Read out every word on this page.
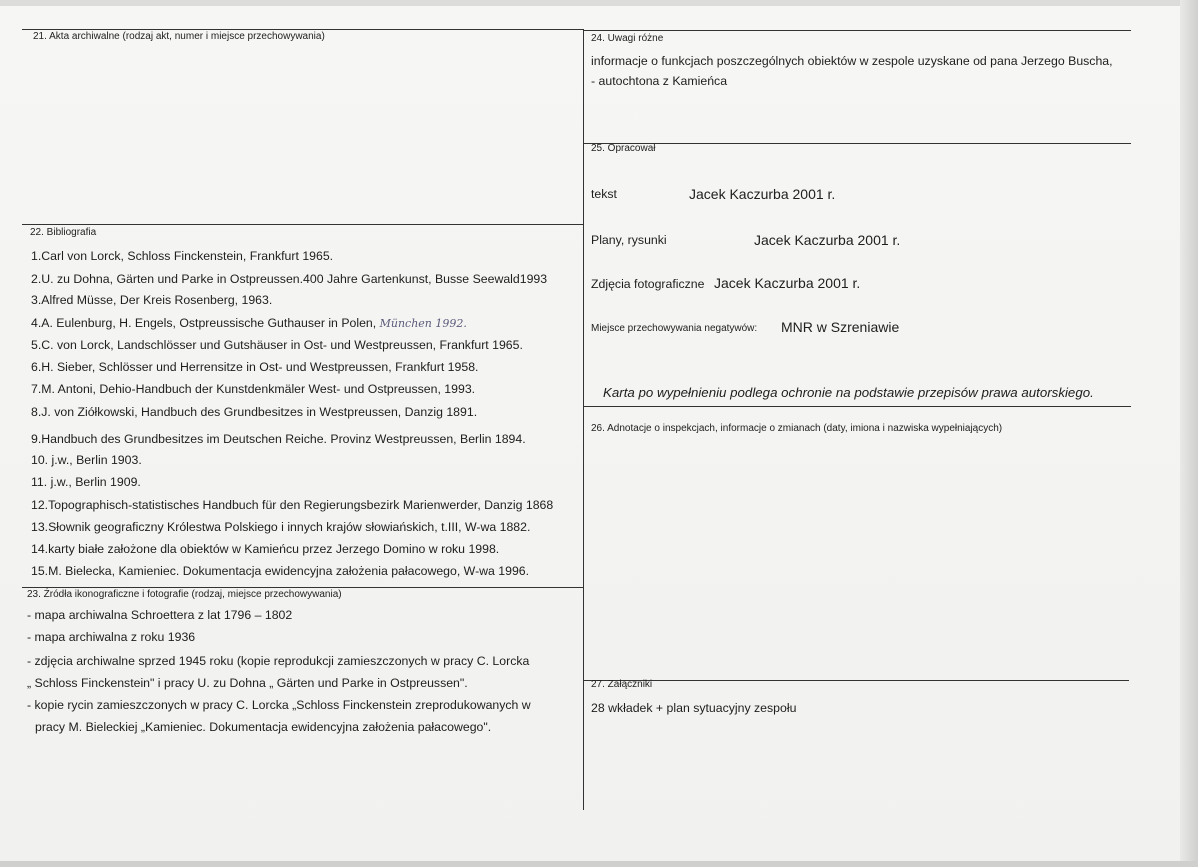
21. Akta archiwalne (rodzaj akt, numer i miejsce przechowywania)
22. Bibliografia
1.Carl von Lorck, Schloss Finckenstein, Frankfurt 1965.
2.U. zu Dohna, Gärten und Parke in Ostpreussen.400 Jahre Gartenkunst, Busse Seewald1993
3.Alfred Müsse, Der Kreis Rosenberg, 1963.
4.A. Eulenburg, H. Engels, Ostpreussische Guthauser in Polen, München 1992.
5.C. von Lorck, Landschlösser und Gutshäuser in Ost- und Westpreussen, Frankfurt 1965.
6.H. Sieber, Schlösser und Herrensitze in Ost- und Westpreussen, Frankfurt 1958.
7.M. Antoni, Dehio-Handbuch der Kunstdenkmäler West- und Ostpreussen, 1993.
8.J. von Ziółkowski, Handbuch des Grundbesitzes in Westpreussen, Danzig 1891.
9.Handbuch des Grundbesitzes im Deutschen Reiche. Provinz Westpreussen, Berlin 1894.
10. j.w., Berlin 1903.
11. j.w., Berlin 1909.
12.Topographisch-statistisches Handbuch für den Regierungsbezirk Marienwerder, Danzig 1868
13.Słownik geograficzny Królestwa Polskiego i innych krajów słowiańskich, t.III, W-wa 1882.
14.karty białe założone dla obiektów w Kamieńcu przez Jerzego Domino w roku 1998.
15.M. Bielecka, Kamieniec. Dokumentacja ewidencyjna założenia pałacowego, W-wa 1996.
23. Źródła ikonograficzne i fotografie (rodzaj, miejsce przechowywania)
- mapa archiwalna Schroettera z lat 1796 – 1802
- mapa archiwalna z roku 1936
- zdjęcia archiwalne sprzed 1945 roku (kopie reprodukcji zamieszczonych w pracy C. Lorcka
„ Schloss Finckenstein" i pracy U. zu Dohna „ Gärten und Parke in Ostpreussen".
- kopie rycin zamieszczonych w pracy C. Lorcka „Schloss Finckenstein zreprodukowanych w
pracy M. Bieleckiej „Kamieniec. Dokumentacja ewidencyjna założenia pałacowego".
24. Uwagi różne
informacje o funkcjach poszczególnych obiektów w zespole uzyskane od pana Jerzego Buscha,
- autochtona z Kamieńca
25. Opracował
tekst	Jacek Kaczurba 2001 r.
Plany, rysunki	Jacek Kaczurba 2001 r.
Zdjęcia fotograficzne Jacek Kaczurba 2001 r.
Miejsce przechowywania negatywów: MNR w Szreniawie
Karta po wypełnieniu podlega ochronie na podstawie przepisów prawa autorskiego.
26. Adnotacje o inspekcjach, informacje o zmianach (daty, imiona i nazwiska wypełniających)
27. Załączniki
28 wkładek + plan sytuacyjny zespołu
